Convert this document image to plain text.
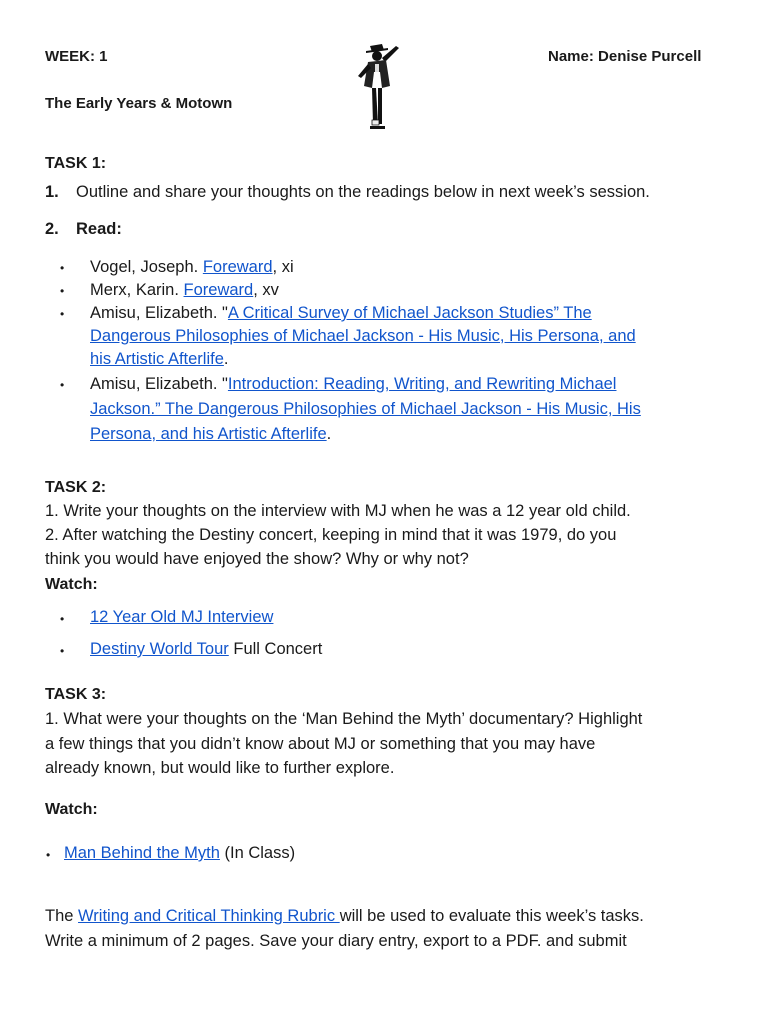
WEEK: 1	Name: Denise Purcell
The Early Years & Motown
TASK 1:
1. Outline and share your thoughts on the readings below in next week’s session.
2. Read:
• Vogel, Joseph. Foreward, xi
• Merx, Karin. Foreward, xv
• Amisu, Elizabeth. "A Critical Survey of Michael Jackson Studies” The
Dangerous Philosophies of Michael Jackson - His Music, His Persona, and
his Artistic Afterlife.
• Amisu, Elizabeth. "Introduction: Reading, Writing, and Rewriting Michael
Jackson.” The Dangerous Philosophies of Michael Jackson - His Music, His
Persona, and his Artistic Afterlife.
TASK 2:
1. Write your thoughts on the interview with MJ when he was a 12 year old child.
2. After watching the Destiny concert, keeping in mind that it was 1979, do you
think you would have enjoyed the show? Why or why not?
Watch:
• 12 Year Old MJ Interview
• Destiny World Tour Full Concert
TASK 3:
1. What were your thoughts on the ‘Man Behind the Myth’ documentary? Highlight
a few things that you didn’t know about MJ or something that you may have
already known, but would like to further explore.
Watch:
• Man Behind the Myth (In Class)
The Writing and Critical Thinking Rubric will be used to evaluate this week’s tasks.
Write a minimum of 2 pages. Save your diary entry, export to a PDF. and submit
